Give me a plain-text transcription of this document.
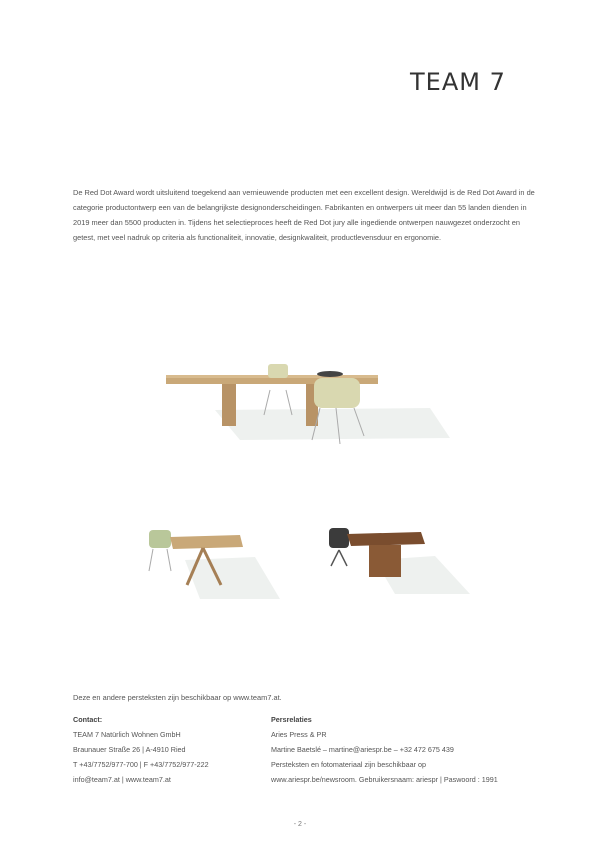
TEAM 7
De Red Dot Award wordt uitsluitend toegekend aan vernieuwende producten met een excellent design. Wereldwijd is de Red Dot Award in de categorie productontwerp een van de belangrijkste designonderscheidingen. Fabrikanten en ontwerpers uit meer dan 55 landen dienden in 2019 meer dan 5500 producten in. Tijdens het selectieproces heeft de Red Dot jury alle ingediende ontwerpen nauwgezet onderzocht en getest, met veel nadruk op criteria als functionaliteit, innovatie, designkwaliteit, productlevensduur en ergonomie.
Deze en andere persteksten zijn beschikbaar op www.team7.at.
Contact:
TEAM 7 Natürlich Wohnen GmbH
Braunauer Straße 26 | A-4910 Ried
T +43/7752/977-700 | F +43/7752/977-222
info@team7.at | www.team7.at
Persrelaties
Aries Press & PR
Martine Baetslé – martine@ariespr.be – +32 472 675 439
Persteksten en fotomateriaal zijn beschikbaar op
www.ariespr.be/newsroom. Gebruikersnaam: ariespr | Paswoord : 1991
- 2 -
